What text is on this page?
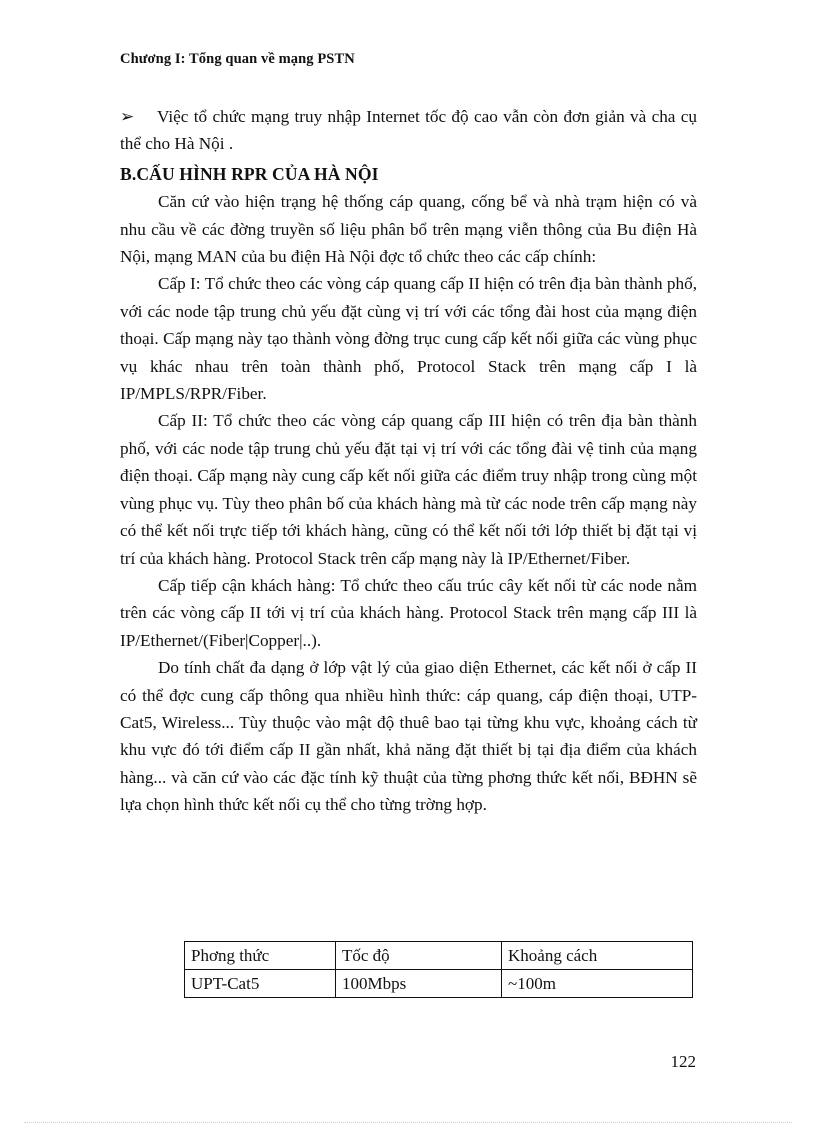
Chương I: Tổng quan về mạng PSTN

➢ Việc tổ chức mạng truy nhập Internet tốc độ cao vẫn còn đơn giản và cha cụ thể cho Hà Nội .

B.CẤU HÌNH RPR CỦA HÀ NỘI

Căn cứ vào hiện trạng hệ thống cáp quang, cống bể và nhà trạm hiện có và nhu cầu về các đờng truyền số liệu phân bổ trên mạng viễn thông của Bu điện Hà Nội, mạng MAN của bu điện Hà Nội đợc tổ chức theo các cấp chính:

Cấp I: Tổ chức theo các vòng cáp quang cấp II hiện có trên địa bàn thành phố, với các node tập trung chủ yếu đặt cùng vị trí với các tổng đài host của mạng điện thoại. Cấp mạng này tạo thành vòng đờng trục cung cấp kết nối giữa các vùng phục vụ khác nhau trên toàn thành phố, Protocol Stack trên mạng cấp I là IP/MPLS/RPR/Fiber.

Cấp II: Tổ chức theo các vòng cáp quang cấp III hiện có trên địa bàn thành phố, với các node tập trung chủ yếu đặt tại vị trí với các tổng đài vệ tinh của mạng điện thoại. Cấp mạng này cung cấp kết nối giữa các điểm truy nhập trong cùng một vùng phục vụ. Tùy theo phân bố của khách hàng mà từ các node trên cấp mạng này có thể kết nối trực tiếp tới khách hàng, cũng có thể kết nối tới lớp thiết bị đặt tại vị trí của khách hàng. Protocol Stack trên cấp mạng này là IP/Ethernet/Fiber.

Cấp tiếp cận khách hàng: Tổ chức theo cấu trúc cây kết nối từ các node nằm trên các vòng cấp II tới vị trí của khách hàng. Protocol Stack trên mạng cấp III là IP/Ethernet/(Fiber|Copper|..).

Do tính chất đa dạng ở lớp vật lý của giao diện Ethernet, các kết nối ở cấp II có thể đợc cung cấp thông qua nhiều hình thức: cáp quang, cáp điện thoại, UTP-Cat5, Wireless... Tùy thuộc vào mật độ thuê bao tại từng khu vực, khoảng cách từ khu vực đó tới điểm cấp II gần nhất, khả năng đặt thiết bị tại địa điểm của khách hàng... và căn cứ vào các đặc tính kỹ thuật của từng phơng thức kết nối, BĐHN sẽ lựa chọn hình thức kết nối cụ thể cho từng trờng hợp.

Phơng thức	Tốc độ	Khoảng cách
UPT-Cat5	100Mbps	~100m
122
